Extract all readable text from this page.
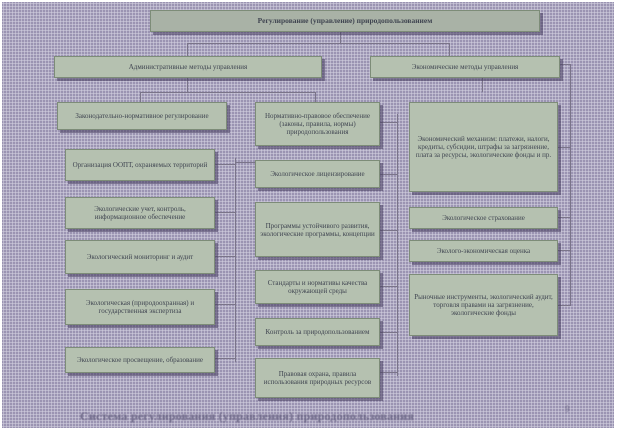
Регулирование (управление) природопользованием
Административные методы управления	Экономические методы управления
Законодательно-нормативное регулирование
Организация ООПТ, охраняемых территорий
Экологические учет, контроль, информационное обеспечение
Экологический мониторинг и аудит
Экологическая (природоохранная) и государственная экспертиза
Экологическое просвещение, образование
Нормативно-правовое обеспечение (законы, правила, нормы) природопользования
Экологическое лицензирование
Программы устойчивого развития, экологические программы, концепции
Стандарты и нормативы качества окружающей среды
Контроль за природопользованием
Правовая охрана, правила использования природных ресурсов
Экономический механизм: платежи, налоги, кредиты, субсидии, штрафы за загрязнение, плата за ресурсы, экологические фонды и пр.
Экологическое страхование
Эколого-экономическая оценка
Рыночные инструменты, экологический аудит, торговля правами на загрязнение, экологические фонды
Система регулирования (управления) природопользования	9
